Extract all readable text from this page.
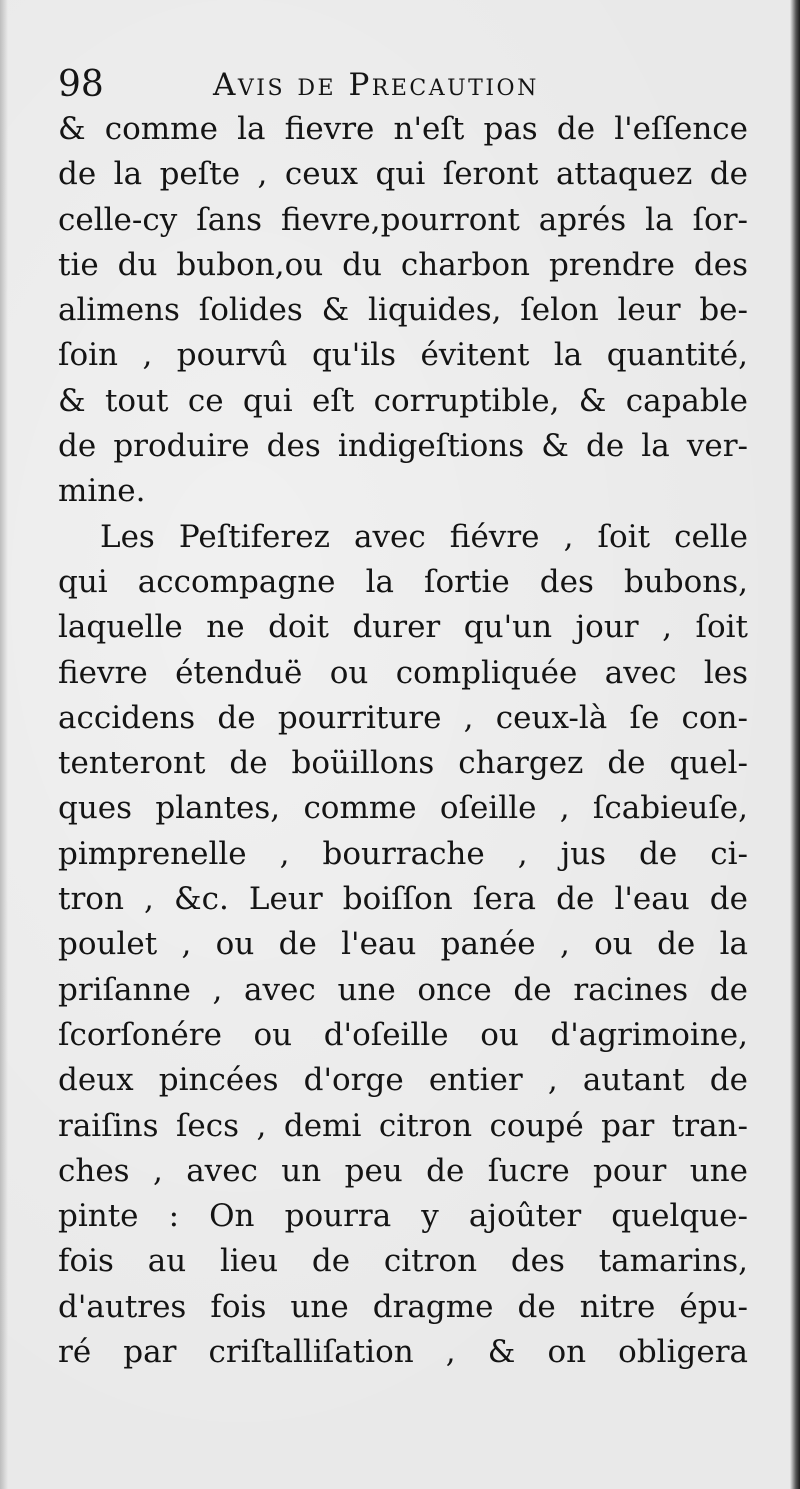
98	Avis de Precaution
& comme la fievre n'eſt pas de l'eſſence
de la peſte , ceux qui ſeront attaquez de
celle-cy ſans fievre,pourront aprés la ſor-
tie du bubon,ou du charbon prendre des
alimens ſolides & liquides, ſelon leur be-
ſoin , pourvû qu'ils évitent la quantité,
& tout ce qui eſt corruptible, & capable
de produire des indigeſtions & de la ver-
mine.
Les Peſtiferez avec fiévre , ſoit celle
qui accompagne la ſortie des bubons,
laquelle ne doit durer qu'un jour , ſoit
fievre étenduë ou compliquée avec les
accidens de pourriture , ceux-là ſe con-
tenteront de boüillons chargez de quel-
ques plantes, comme oſeille , ſcabieuſe,
pimprenelle , bourrache , jus de ci-
tron , &c. Leur boiſſon ſera de l'eau de
poulet , ou de l'eau panée , ou de la
priſanne , avec une once de racines de
ſcorſonére ou d'oſeille ou d'agrimoine,
deux pincées d'orge entier , autant de
raiſins ſecs , demi citron coupé par tran-
ches , avec un peu de ſucre pour une
pinte : On pourra y ajoûter quelque-
fois au lieu de citron des tamarins,
d'autres fois une dragme de nitre épu-
ré par criſtalliſation , & on obligera
